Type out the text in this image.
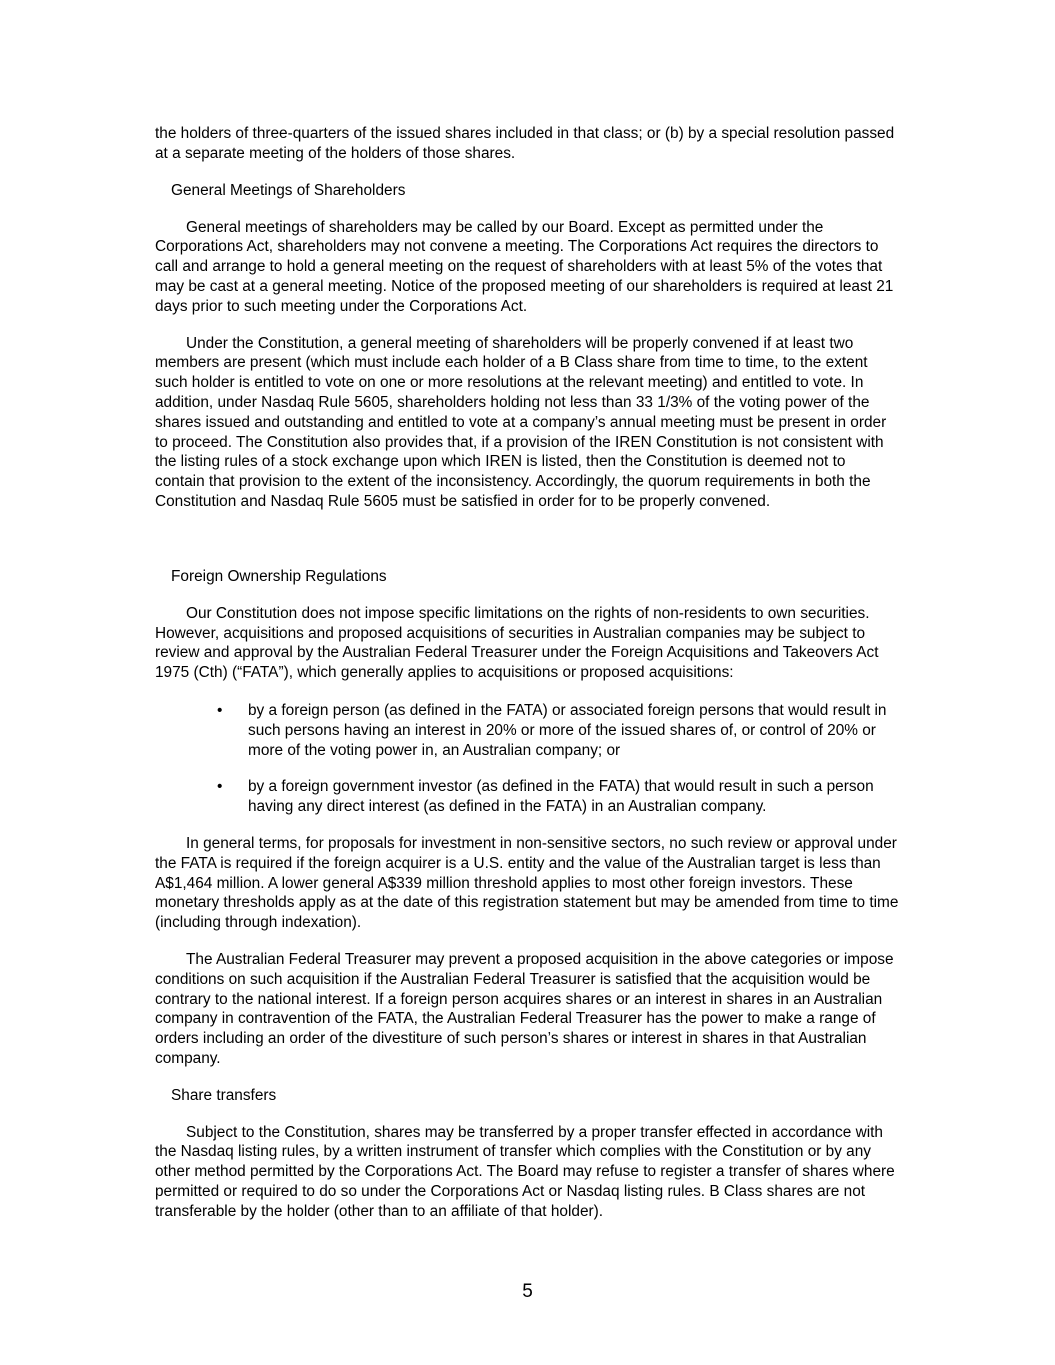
the holders of three-quarters of the issued shares included in that class; or (b) by a special resolution passed at a separate meeting of the holders of those shares.

General Meetings of Shareholders

General meetings of shareholders may be called by our Board. Except as permitted under the Corporations Act, shareholders may not convene a meeting. The Corporations Act requires the directors to call and arrange to hold a general meeting on the request of shareholders with at least 5% of the votes that may be cast at a general meeting. Notice of the proposed meeting of our shareholders is required at least 21 days prior to such meeting under the Corporations Act.

Under the Constitution, a general meeting of shareholders will be properly convened if at least two members are present (which must include each holder of a B Class share from time to time, to the extent such holder is entitled to vote on one or more resolutions at the relevant meeting) and entitled to vote. In addition, under Nasdaq Rule 5605, shareholders holding not less than 33 1/3% of the voting power of the shares issued and outstanding and entitled to vote at a company’s annual meeting must be present in order to proceed. The Constitution also provides that, if a provision of the IREN Constitution is not consistent with the listing rules of a stock exchange upon which IREN is listed, then the Constitution is deemed not to contain that provision to the extent of the inconsistency. Accordingly, the quorum requirements in both the Constitution and Nasdaq Rule 5605 must be satisfied in order for to be properly convened.

Foreign Ownership Regulations

Our Constitution does not impose specific limitations on the rights of non-residents to own securities. However, acquisitions and proposed acquisitions of securities in Australian companies may be subject to review and approval by the Australian Federal Treasurer under the Foreign Acquisitions and Takeovers Act 1975 (Cth) (“FATA”), which generally applies to acquisitions or proposed acquisitions:

• by a foreign person (as defined in the FATA) or associated foreign persons that would result in such persons having an interest in 20% or more of the issued shares of, or control of 20% or more of the voting power in, an Australian company; or
• by a foreign government investor (as defined in the FATA) that would result in such a person having any direct interest (as defined in the FATA) in an Australian company.

In general terms, for proposals for investment in non-sensitive sectors, no such review or approval under the FATA is required if the foreign acquirer is a U.S. entity and the value of the Australian target is less than A$1,464 million. A lower general A$339 million threshold applies to most other foreign investors. These monetary thresholds apply as at the date of this registration statement but may be amended from time to time (including through indexation).

The Australian Federal Treasurer may prevent a proposed acquisition in the above categories or impose conditions on such acquisition if the Australian Federal Treasurer is satisfied that the acquisition would be contrary to the national interest. If a foreign person acquires shares or an interest in shares in an Australian company in contravention of the FATA, the Australian Federal Treasurer has the power to make a range of orders including an order of the divestiture of such person’s shares or interest in shares in that Australian company.

Share transfers

Subject to the Constitution, shares may be transferred by a proper transfer effected in accordance with the Nasdaq listing rules, by a written instrument of transfer which complies with the Constitution or by any other method permitted by the Corporations Act. The Board may refuse to register a transfer of shares where permitted or required to do so under the Corporations Act or Nasdaq listing rules. B Class shares are not transferable by the holder (other than to an affiliate of that holder).

5
